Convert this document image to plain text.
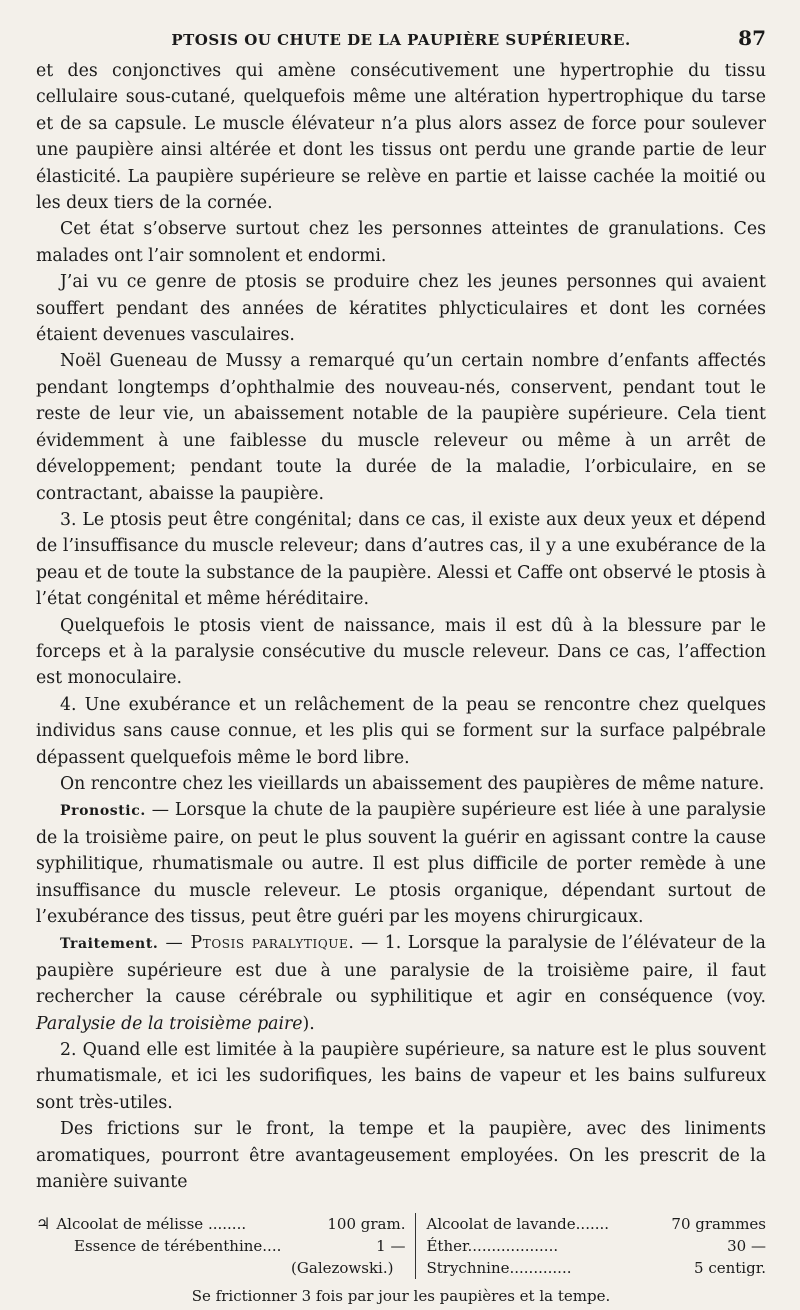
PTOSIS OU CHUTE DE LA PAUPIÈRE SUPÉRIEURE.	87

et des conjonctives qui amène consécutivement une hypertrophie du tissu cellulaire sous-cutané, quelquefois même une altération hypertrophique du tarse et de sa capsule. Le muscle élévateur n’a plus alors assez de force pour soulever une paupière ainsi altérée et dont les tissus ont perdu une grande partie de leur élasticité. La paupière supérieure se relève en partie et laisse cachée la moitié ou les deux tiers de la cornée.

Cet état s’observe surtout chez les personnes atteintes de granulations. Ces malades ont l’air somnolent et endormi.

J’ai vu ce genre de ptosis se produire chez les jeunes personnes qui avaient souffert pendant des années de kératites phlycticulaires et dont les cornées étaient devenues vasculaires.

Noël Gueneau de Mussy a remarqué qu’un certain nombre d’enfants affectés pendant longtemps d’ophthalmie des nouveau-nés, conservent, pendant tout le reste de leur vie, un abaissement notable de la paupière supérieure. Cela tient évidemment à une faiblesse du muscle releveur ou même à un arrêt de développement; pendant toute la durée de la maladie, l’orbiculaire, en se contractant, abaisse la paupière.

3. Le ptosis peut être congénital; dans ce cas, il existe aux deux yeux et dépend de l’insuffisance du muscle releveur; dans d’autres cas, il y a une exubérance de la peau et de toute la substance de la paupière. Alessi et Caffe ont observé le ptosis à l’état congénital et même héréditaire.

Quelquefois le ptosis vient de naissance, mais il est dû à la blessure par le forceps et à la paralysie consécutive du muscle releveur. Dans ce cas, l’affection est monoculaire.

4. Une exubérance et un relâchement de la peau se rencontre chez quelques individus sans cause connue, et les plis qui se forment sur la surface palpébrale dépassent quelquefois même le bord libre.

On rencontre chez les vieillards un abaissement des paupières de même nature.

Pronostic. — Lorsque la chute de la paupière supérieure est liée à une paralysie de la troisième paire, on peut le plus souvent la guérir en agissant contre la cause syphilitique, rhumatismale ou autre. Il est plus difficile de porter remède à une insuffisance du muscle releveur. Le ptosis organique, dépendant surtout de l’exubérance des tissus, peut être guéri par les moyens chirurgicaux.

Traitement. — Ptosis paralytique. — 1. Lorsque la paralysie de l’élévateur de la paupière supérieure est due à une paralysie de la troisième paire, il faut rechercher la cause cérébrale ou syphilitique et agir en conséquence (voy. Paralysie de la troisième paire).

2. Quand elle est limitée à la paupière supérieure, sa nature est le plus souvent rhumatismale, et ici les sudorifiques, les bains de vapeur et les bains sulfureux sont très-utiles.

Des frictions sur le front, la tempe et la paupière, avec des liniments aromatiques, pourront être avantageusement employées. On les prescrit de la manière suivante

♃ Alcoolat de mélisse ........	100 gram.
Essence de térébenthine....	1 —
(Galezowski.)
Alcoolat de lavande.......	70 grammes
Éther...................	30 —
Strychnine.............	5 centigr.
Se frictionner 3 fois par jour les paupières et la tempe.
